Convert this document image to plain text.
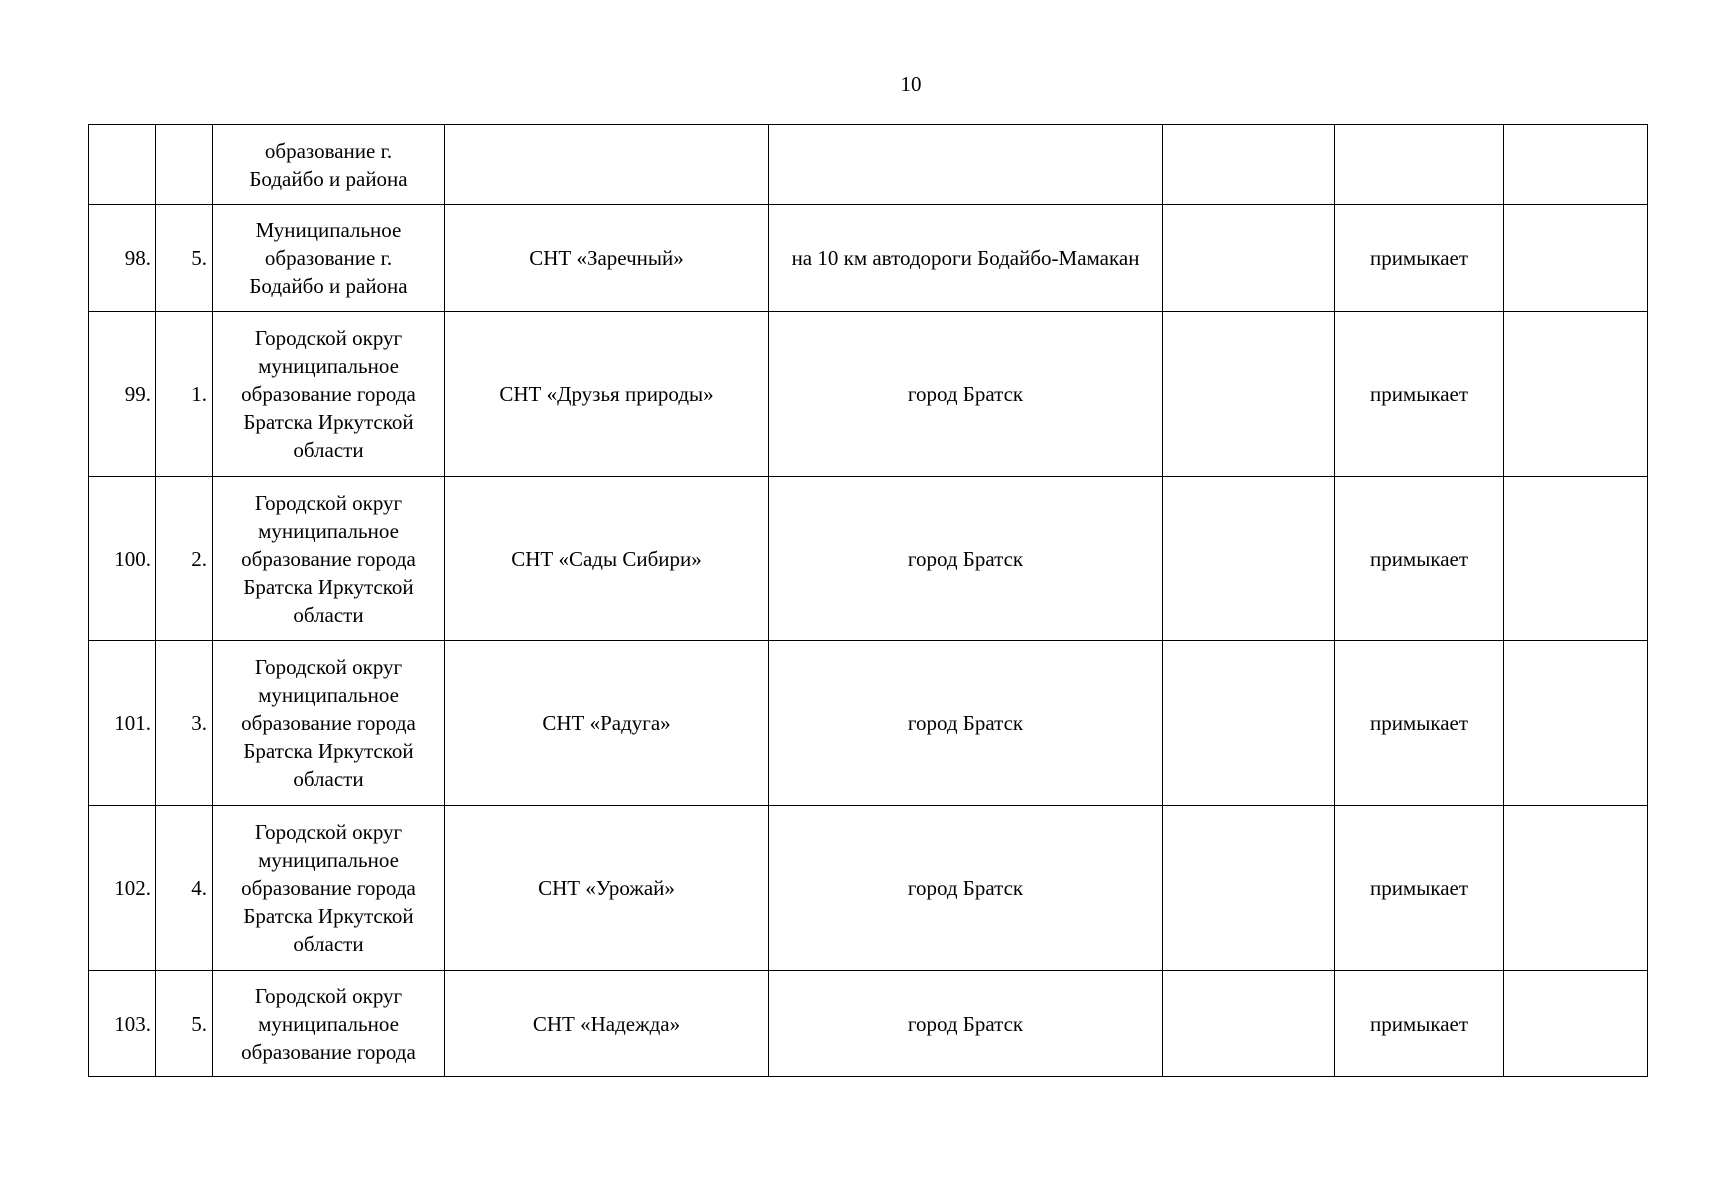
10
		образование г.
Бодайбо и района					
98.	5.	Муниципальное
образование г.
Бодайбо и района	СНТ «Заречный»	на 10 км автодороги Бодайбо-Мамакан		примыкает	
99.	1.	Городской округ
муниципальное
образование города
Братска Иркутской
области	СНТ «Друзья природы»	город Братск		примыкает	
100.	2.	Городской округ
муниципальное
образование города
Братска Иркутской
области	СНТ «Сады Сибири»	город Братск		примыкает	
101.	3.	Городской округ
муниципальное
образование города
Братска Иркутской
области	СНТ «Радуга»	город Братск		примыкает	
102.	4.	Городской округ
муниципальное
образование города
Братска Иркутской
области	СНТ «Урожай»	город Братск		примыкает	
103.	5.	Городской округ
муниципальное
образование города	СНТ «Надежда»	город Братск		примыкает	
